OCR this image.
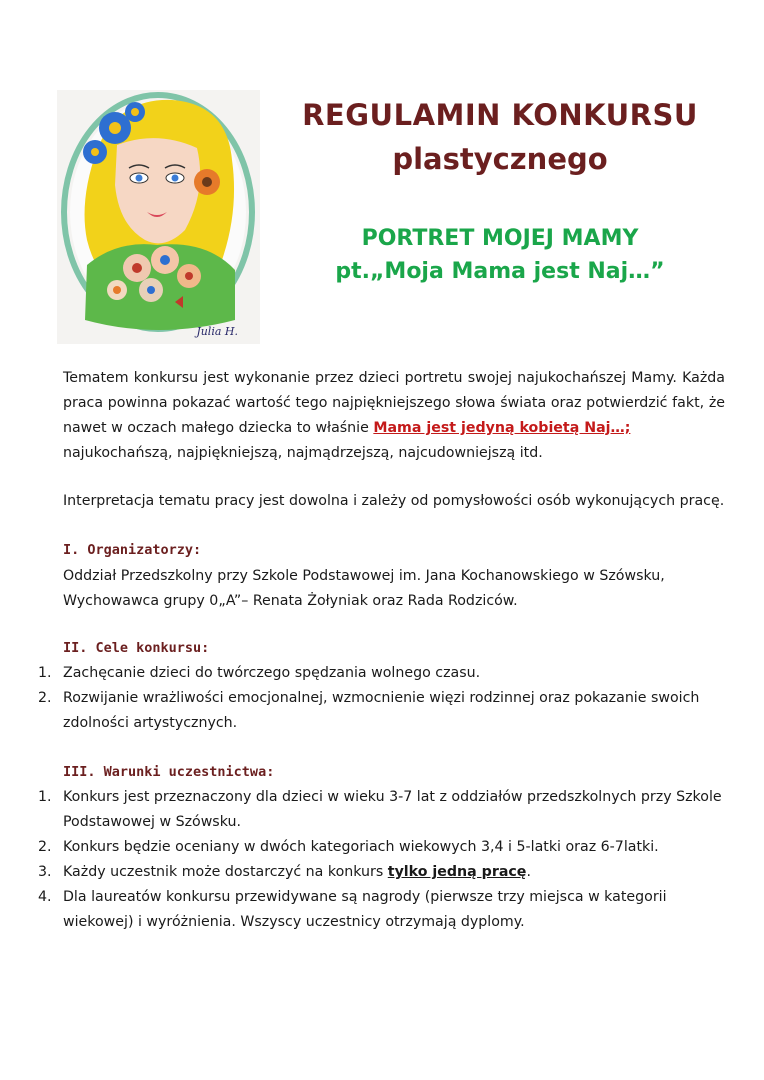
Julia H.
REGULAMIN KONKURSU
plastycznego
PORTRET MOJEJ MAMY
pt.„Moja Mama jest Naj…”
Tematem konkursu jest wykonanie przez dzieci portretu swojej najukochańszej Mamy. Każda praca powinna pokazać wartość tego najpiękniejszego słowa świata oraz potwierdzić fakt, że nawet w oczach małego dziecka to właśnie Mama jest jedyną kobietą Naj…;
najukochańszą, najpiękniejszą, najmądrzejszą, najcudowniejszą itd.
Interpretacja tematu pracy jest dowolna i zależy od pomysłowości osób wykonujących pracę.
I. Organizatorzy:
Oddział Przedszkolny przy Szkole Podstawowej im. Jana Kochanowskiego w Szówsku,
Wychowawca grupy 0„A”– Renata Żołyniak oraz Rada Rodziców.
II. Cele konkursu:
1. Zachęcanie dzieci do twórczego spędzania wolnego czasu.
2. Rozwijanie wrażliwości emocjonalnej, wzmocnienie więzi rodzinnej oraz pokazanie swoich zdolności artystycznych.
III. Warunki uczestnictwa:
1. Konkurs jest przeznaczony dla dzieci w wieku 3-7 lat z oddziałów przedszkolnych przy Szkole Podstawowej w Szówsku.
2. Konkurs będzie oceniany w dwóch kategoriach wiekowych 3,4 i 5-latki oraz 6-7latki.
3. Każdy uczestnik może dostarczyć na konkurs tylko jedną pracę.
4. Dla laureatów konkursu przewidywane są nagrody (pierwsze trzy miejsca w kategorii wiekowej) i wyróżnienia. Wszyscy uczestnicy otrzymają dyplomy.
